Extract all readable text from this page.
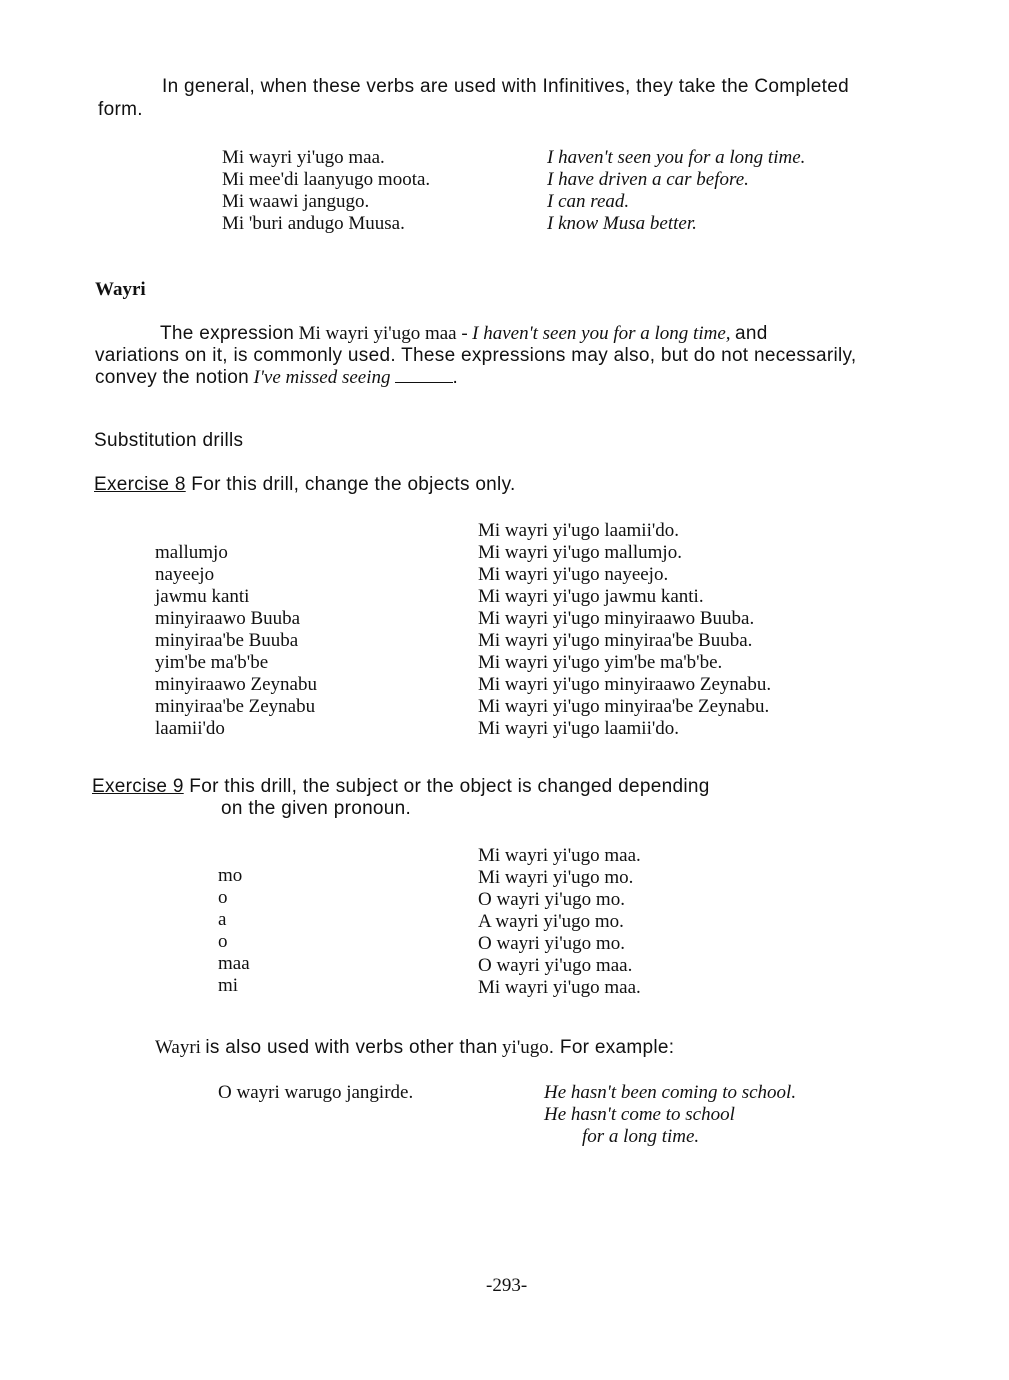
In general, when these verbs are used with Infinitives, they take the Completed

form.

Mi wayri yi'ugo maa.
Mi mee'di laanyugo moota.
Mi waawi jangugo.
Mi 'buri andugo Muusa.
I haven't seen you for a long time.
I have driven a car before.
I can read.
I know Musa better.

Wayri

The expression Mi wayri yi'ugo maa - I haven't seen you for a long time, and

variations on it, is commonly used. These expressions may also, but do not necessarily,

convey the notion I've missed seeing	.

Substitution drills

Exercise 8 For this drill, change the objects only.

mallumjo
nayeejo
jawmu kanti
minyiraawo Buuba
minyiraa'be Buuba
yim'be ma'b'be
minyiraawo Zeynabu
minyiraa'be Zeynabu
laamii'do
Mi wayri yi'ugo laamii'do.
Mi wayri yi'ugo mallumjo.
Mi wayri yi'ugo nayeejo.
Mi wayri yi'ugo jawmu kanti.
Mi wayri yi'ugo minyiraawo Buuba.
Mi wayri yi'ugo minyiraa'be Buuba.
Mi wayri yi'ugo yim'be ma'b'be.
Mi wayri yi'ugo minyiraawo Zeynabu.
Mi wayri yi'ugo minyiraa'be Zeynabu.
Mi wayri yi'ugo laamii'do.

Exercise 9 For this drill, the subject or the object is changed depending

on the given pronoun.

mo
o
a
o
maa
mi
Mi wayri yi'ugo maa.
Mi wayri yi'ugo mo.
O wayri yi'ugo mo.
A wayri yi'ugo mo.
O wayri yi'ugo mo.
O wayri yi'ugo maa.
Mi wayri yi'ugo maa.

Wayri is also used with verbs other than yi'ugo. For example:

O wayri warugo jangirde.	He hasn't been coming to school.
He hasn't come to school
for a long time.

-293-
